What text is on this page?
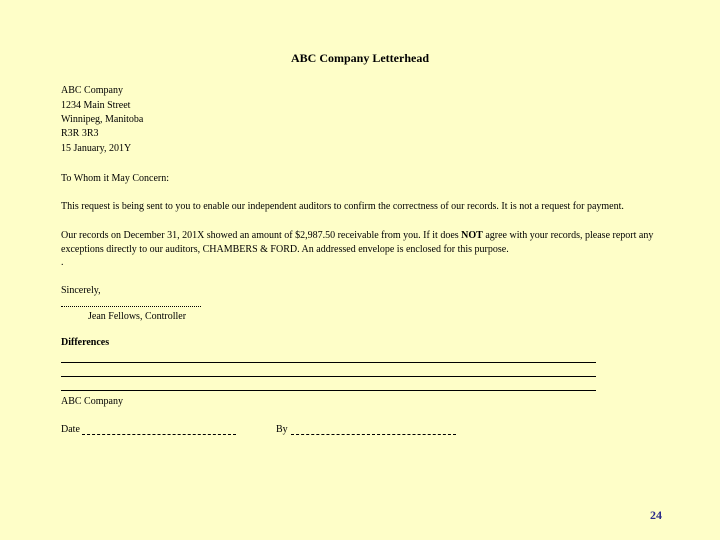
ABC Company Letterhead
ABC Company
1234 Main Street
Winnipeg, Manitoba
R3R 3R3
15 January, 201Y
To Whom it May Concern:
This request is being sent to you to enable our independent auditors to confirm the correctness of our records. It is not a request for payment.
Our records on December 31, 201X showed an amount of $2,987.50 receivable from you. If it does NOT agree with your records, please report any exceptions directly to our auditors, CHAMBERS & FORD. An addressed envelope is enclosed for this purpose.
.
Sincerely,
Jean Fellows, Controller
Differences
ABC Company
Date	By
24
